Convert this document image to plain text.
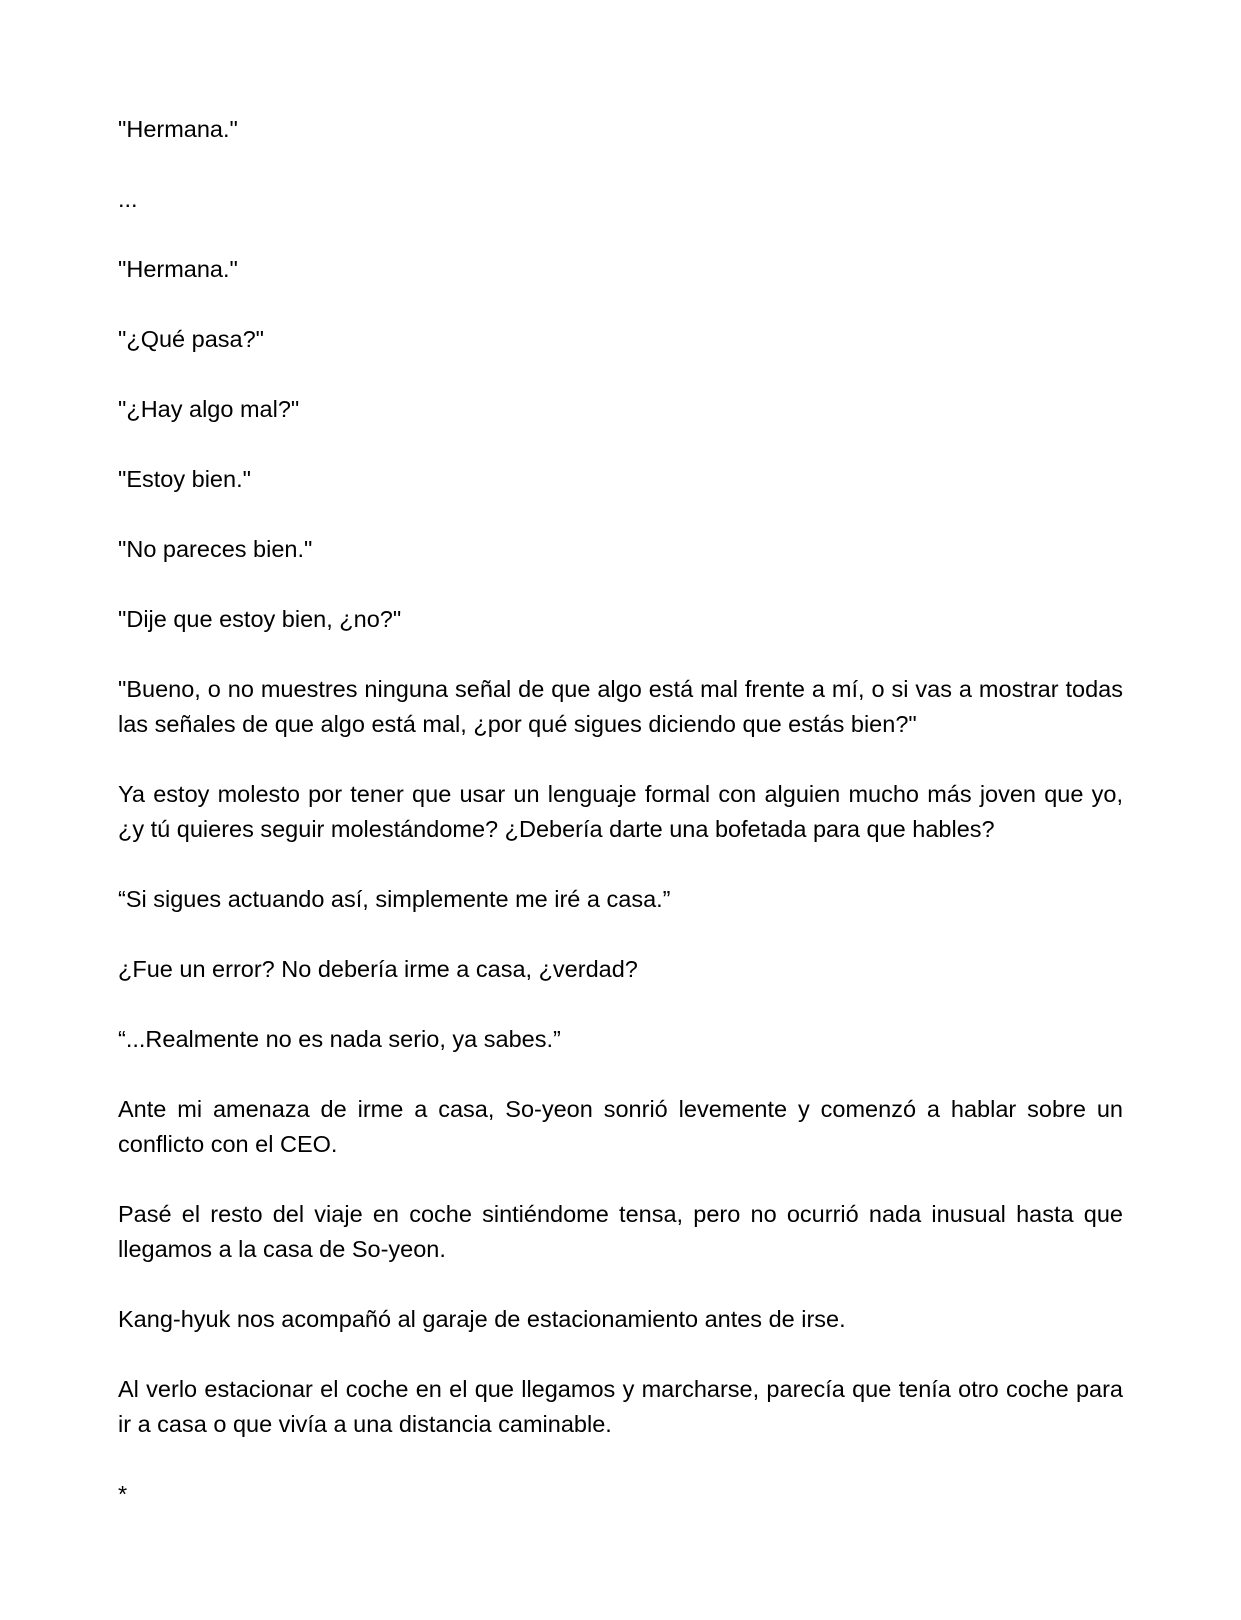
"Hermana."

...

"Hermana."

"¿Qué pasa?"

"¿Hay algo mal?"

"Estoy bien."

"No pareces bien."

"Dije que estoy bien, ¿no?"

"Bueno, o no muestres ninguna señal de que algo está mal frente a mí, o si vas a mostrar todas las señales de que algo está mal, ¿por qué sigues diciendo que estás bien?"

Ya estoy molesto por tener que usar un lenguaje formal con alguien mucho más joven que yo, ¿y tú quieres seguir molestándome? ¿Debería darte una bofetada para que hables?

“Si sigues actuando así, simplemente me iré a casa.”

¿Fue un error? No debería irme a casa, ¿verdad?

“...Realmente no es nada serio, ya sabes.”

Ante mi amenaza de irme a casa, So-yeon sonrió levemente y comenzó a hablar sobre un conflicto con el CEO.

Pasé el resto del viaje en coche sintiéndome tensa, pero no ocurrió nada inusual hasta que llegamos a la casa de So-yeon.

Kang-hyuk nos acompañó al garaje de estacionamiento antes de irse.

Al verlo estacionar el coche en el que llegamos y marcharse, parecía que tenía otro coche para ir a casa o que vivía a una distancia caminable.

*
